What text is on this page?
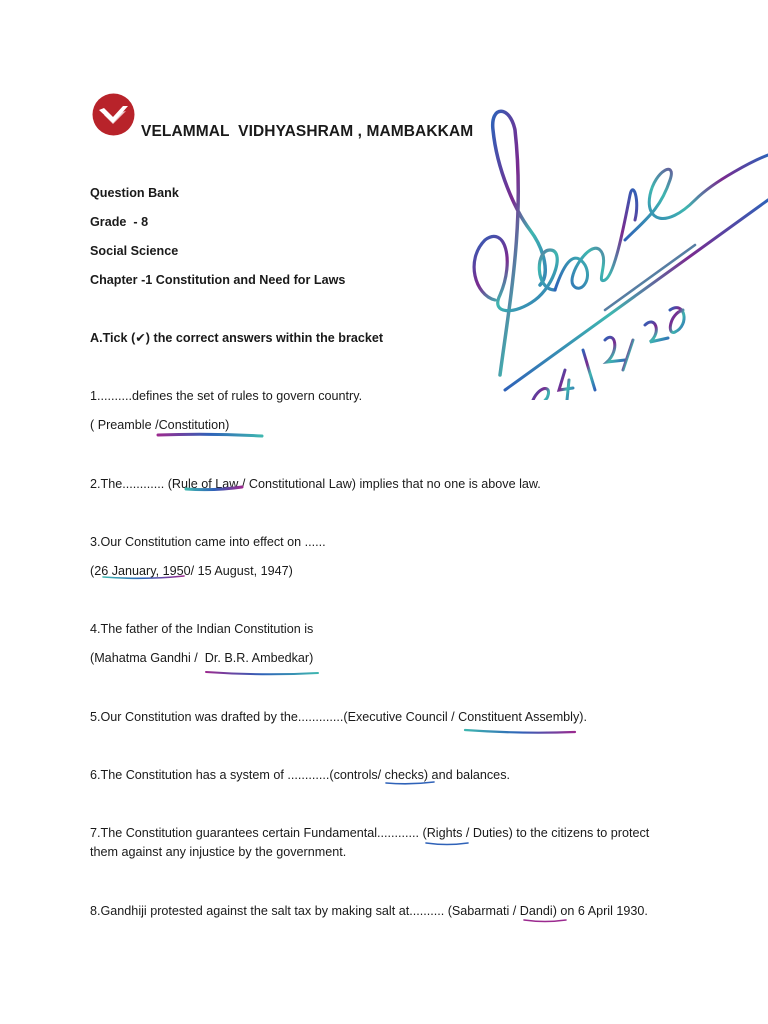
VELAMMAL  VIDHYASHRAM , MAMBAKKAM
Question Bank
Grade  - 8
Social Science
Chapter -1 Constitution and Need for Laws
A.Tick (✔) the correct answers within the bracket
1..........defines the set of rules to govern country.
( Preamble /Constitution)
2.The............ (Rule of Law / Constitutional Law) implies that no one is above law.
3.Our Constitution came into effect on ......
(26 January, 1950/ 15 August, 1947)
4.The father of the Indian Constitution is
(Mahatma Gandhi /  Dr. B.R. Ambedkar)
5.Our Constitution was drafted by the.............(Executive Council / Constituent Assembly).
6.The Constitution has a system of ............(controls/ checks) and balances.
7.The Constitution guarantees certain Fundamental............ (Rights / Duties) to the citizens to protect
them against any injustice by the government.
8.Gandhiji protested against the salt tax by making salt at.......... (Sabarmati / Dandi) on 6 April 1930.
